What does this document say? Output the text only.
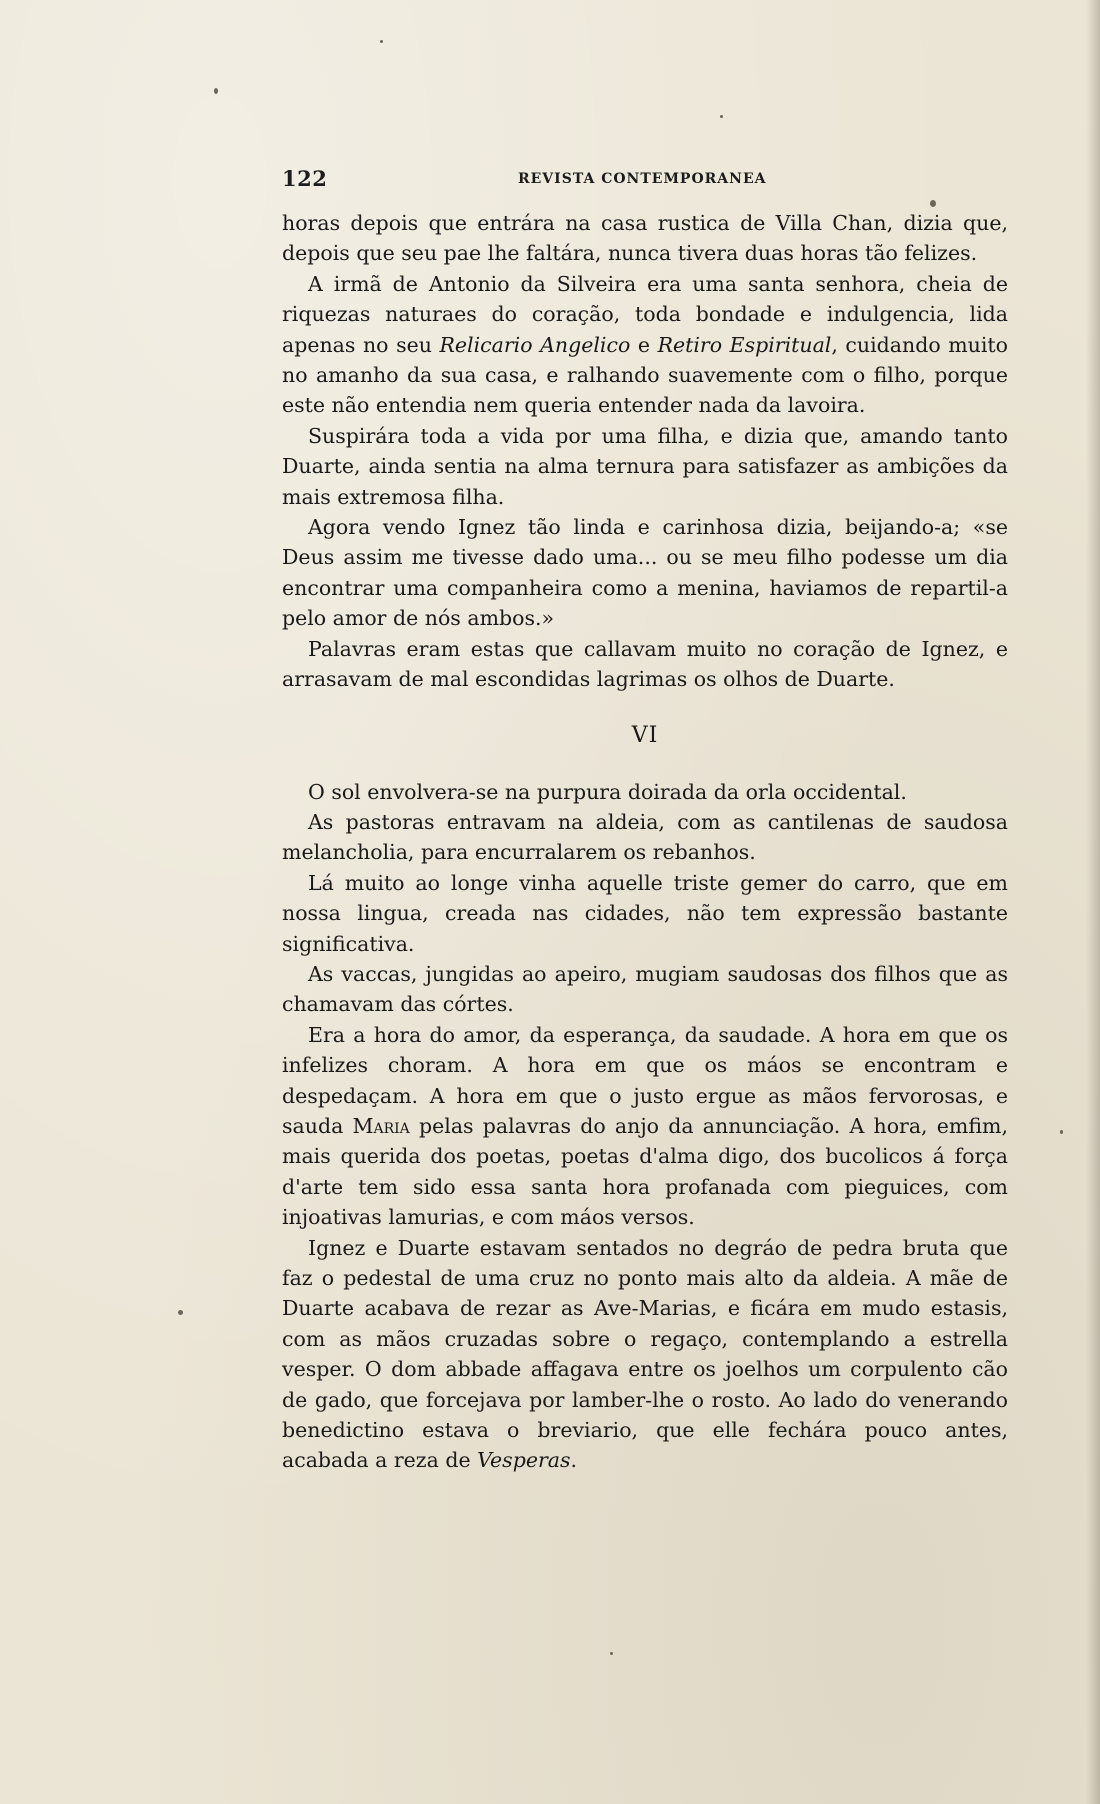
122	REVISTA CONTEMPORANEA

horas depois que entrára na casa rustica de Villa Chan, dizia que, depois que seu pae lhe faltára, nunca tivera duas horas tão felizes.

A irmã de Antonio da Silveira era uma santa senhora, cheia de riquezas naturaes do coração, toda bondade e indulgencia, lida apenas no seu Relicario Angelico e Retiro Espiritual, cuidando muito no amanho da sua casa, e ralhando suavemente com o filho, porque este não entendia nem queria entender nada da lavoira.

Suspirára toda a vida por uma filha, e dizia que, amando tanto Duarte, ainda sentia na alma ternura para satisfazer as ambições da mais extremosa filha.

Agora vendo Ignez tão linda e carinhosa dizia, beijando-a; «se Deus assim me tivesse dado uma... ou se meu filho podesse um dia encontrar uma companheira como a menina, haviamos de repartil-a pelo amor de nós ambos.»

Palavras eram estas que callavam muito no coração de Ignez, e arrasavam de mal escondidas lagrimas os olhos de Duarte.

VI

O sol envolvera-se na purpura doirada da orla occidental.

As pastoras entravam na aldeia, com as cantilenas de saudosa melancholia, para encurralarem os rebanhos.

Lá muito ao longe vinha aquelle triste gemer do carro, que em nossa lingua, creada nas cidades, não tem expressão bastante significativa.

As vaccas, jungidas ao apeiro, mugiam saudosas dos filhos que as chamavam das córtes.

Era a hora do amor, da esperança, da saudade. A hora em que os infelizes choram. A hora em que os máos se encontram e despedaçam. A hora em que o justo ergue as mãos fervorosas, e sauda Maria pelas palavras do anjo da annunciação. A hora, emfim, mais querida dos poetas, poetas d'alma digo, dos bucolicos á força d'arte tem sido essa santa hora profanada com pieguices, com injoativas lamurias, e com máos versos.

Ignez e Duarte estavam sentados no degráo de pedra bruta que faz o pedestal de uma cruz no ponto mais alto da aldeia. A mãe de Duarte acabava de rezar as Ave-Marias, e ficára em mudo estasis, com as mãos cruzadas sobre o regaço, contemplando a estrella vesper. O dom abbade affagava entre os joelhos um corpulento cão de gado, que forcejava por lamber-lhe o rosto. Ao lado do venerando benedictino estava o breviario, que elle fechára pouco antes, acabada a reza de Vesperas.
